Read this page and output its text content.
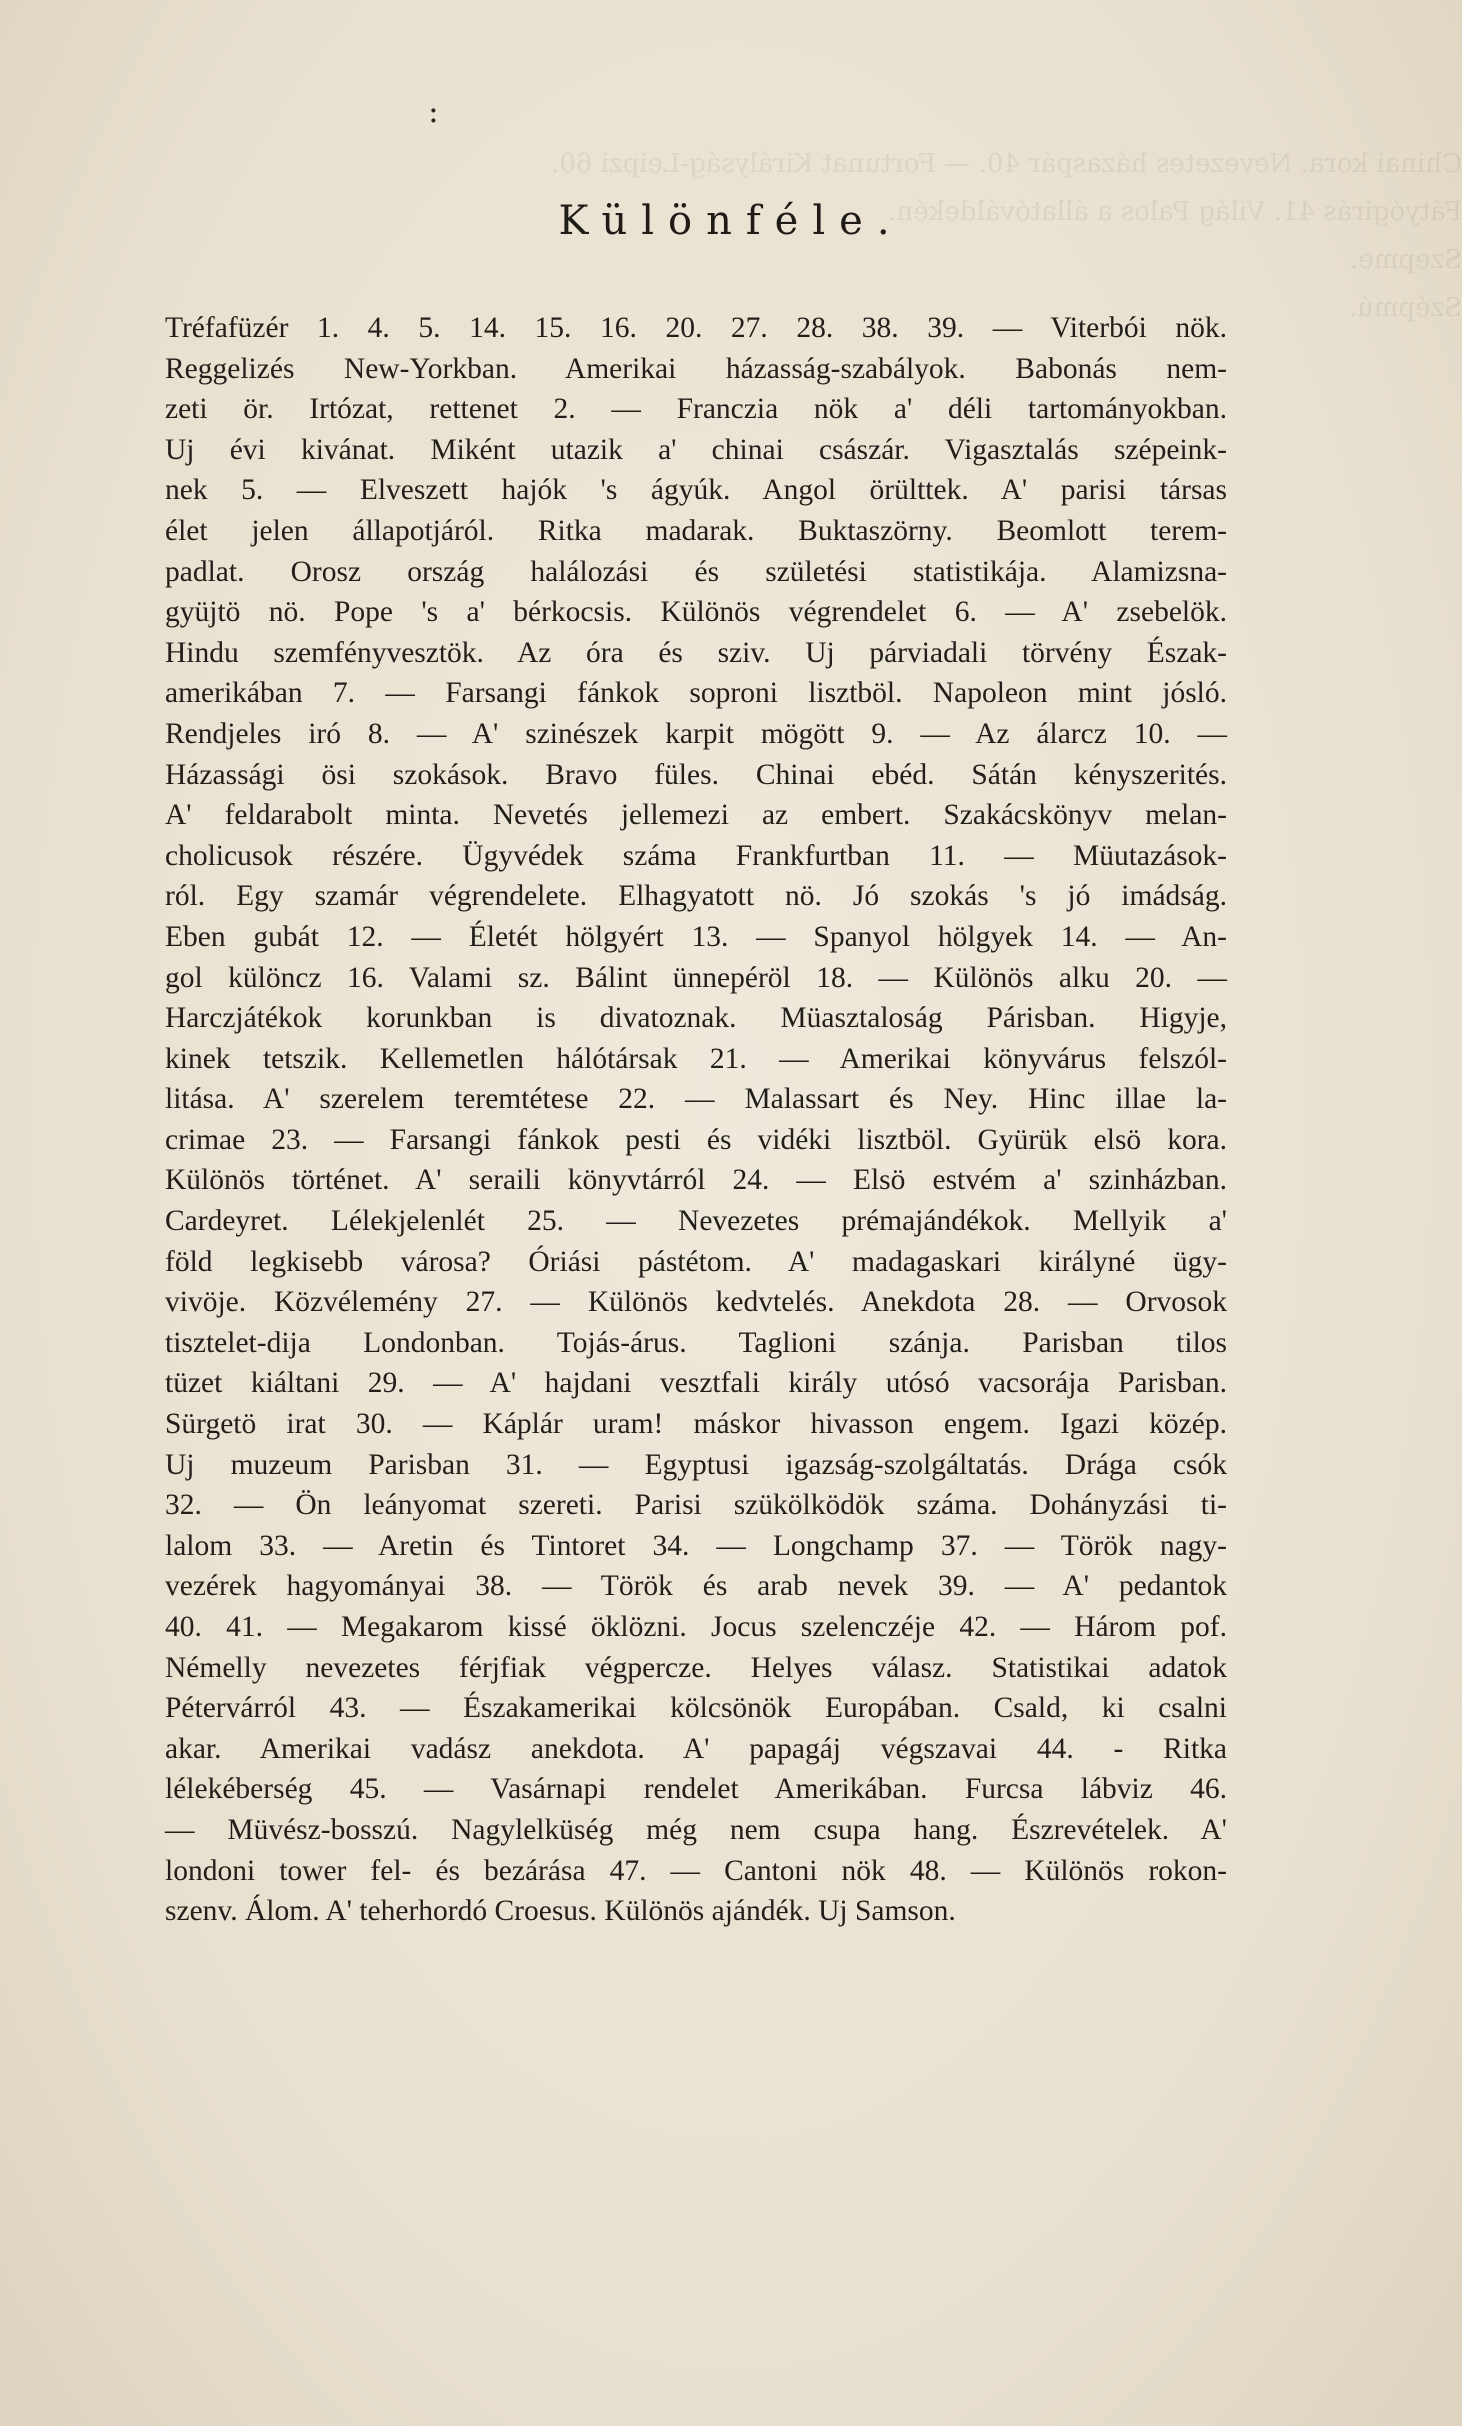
:
Chinai kora. Nevezetes házaspár 40. — Fortunat Királyság-Leipzi 60.
Fátyógirás 41. Világ Palos a állatóváldekén.
Szepme.
Szépmú.
Különféle.
Tréfafüzér 1. 4. 5. 14. 15. 16. 20. 27. 28. 38. 39. — Viterbói nök.
Reggelizés New-Yorkban. Amerikai házasság-szabályok. Babonás nem-
zeti ör. Irtózat, rettenet 2. — Franczia nök a' déli tartományokban.
Uj évi kivánat. Miként utazik a' chinai császár. Vigasztalás szépeink-
nek 5. — Elveszett hajók 's ágyúk. Angol örülttek. A' parisi társas
élet jelen állapotjáról. Ritka madarak. Buktaszörny. Beomlott terem-
padlat. Orosz ország halálozási és születési statistikája. Alamizsna-
gyüjtö nö. Pope 's a' bérkocsis. Különös végrendelet 6. — A' zsebelök.
Hindu szemfényvesztök. Az óra és sziv. Uj párviadali törvény Észak-
amerikában 7. — Farsangi fánkok soproni lisztböl. Napoleon mint jósló.
Rendjeles iró 8. — A' szinészek karpit mögött 9. — Az álarcz 10. —
Házassági ösi szokások. Bravo füles. Chinai ebéd. Sátán kényszerités.
A' feldarabolt minta. Nevetés jellemezi az embert. Szakácskönyv melan-
cholicusok részére. Ügyvédek száma Frankfurtban 11. — Müutazások-
ról. Egy szamár végrendelete. Elhagyatott nö. Jó szokás 's jó imádság.
Eben gubát 12. — Életét hölgyért 13. — Spanyol hölgyek 14. — An-
gol különcz 16. Valami sz. Bálint ünnepéröl 18. — Különös alku 20. —
Harczjátékok korunkban is divatoznak. Müasztaloság Párisban. Higyje,
kinek tetszik. Kellemetlen hálótársak 21. — Amerikai könyvárus felszól-
litása. A' szerelem teremtétese 22. — Malassart és Ney. Hinc illae la-
crimae 23. — Farsangi fánkok pesti és vidéki lisztböl. Gyürük elsö kora.
Különös történet. A' seraili könyvtárról 24. — Elsö estvém a' szinházban.
Cardeyret. Lélekjelenlét 25. — Nevezetes prémajándékok. Mellyik a'
föld legkisebb városa? Óriási pástétom. A' madagaskari királyné ügy-
vivöje. Közvélemény 27. — Különös kedvtelés. Anekdota 28. — Orvosok
tisztelet-dija Londonban. Tojás-árus. Taglioni szánja. Parisban tilos
tüzet kiáltani 29. — A' hajdani vesztfali király utósó vacsorája Parisban.
Sürgetö irat 30. — Káplár uram! máskor hivasson engem. Igazi közép.
Uj muzeum Parisban 31. — Egyptusi igazság-szolgáltatás. Drága csók
32. — Ön leányomat szereti. Parisi szükölködök száma. Dohányzási ti-
lalom 33. — Aretin és Tintoret 34. — Longchamp 37. — Török nagy-
vezérek hagyományai 38. — Török és arab nevek 39. — A' pedantok
40. 41. — Megakarom kissé öklözni. Jocus szelenczéje 42. — Három pof.
Némelly nevezetes férjfiak végpercze. Helyes válasz. Statistikai adatok
Pétervárról 43. — Északamerikai kölcsönök Europában. Csald, ki csalni
akar. Amerikai vadász anekdota. A' papagáj végszavai 44. - Ritka
lélekéberség 45. — Vasárnapi rendelet Amerikában. Furcsa lábviz 46.
— Müvész-bosszú. Nagylelküség még nem csupa hang. Észrevételek. A'
londoni tower fel- és bezárása 47. — Cantoni nök 48. — Különös rokon-
szenv. Álom. A' teherhordó Croesus. Különös ajándék. Uj Samson.
